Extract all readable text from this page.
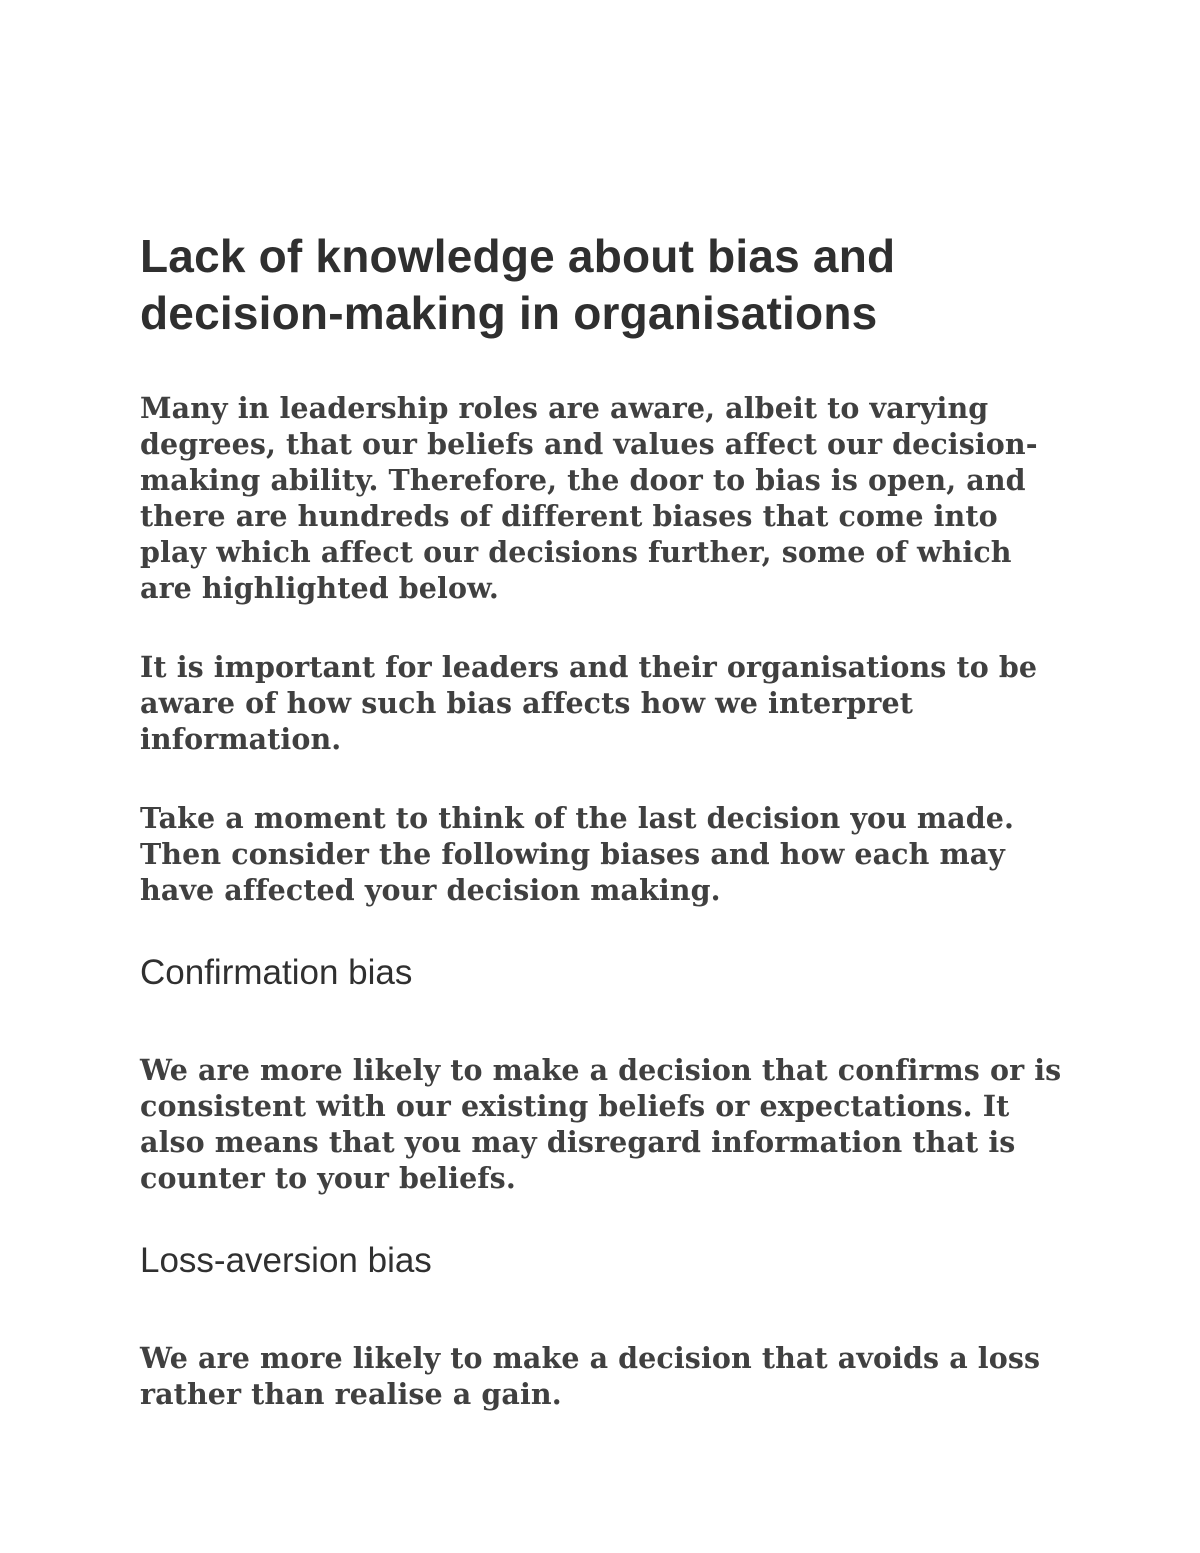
Lack of knowledge about bias and decision-making in organisations

Many in leadership roles are aware, albeit to varying degrees, that our beliefs and values affect our decision-making ability. Therefore, the door to bias is open, and there are hundreds of different biases that come into play which affect our decisions further, some of which are highlighted below.

It is important for leaders and their organisations to be aware of how such bias affects how we interpret information.

Take a moment to think of the last decision you made. Then consider the following biases and how each may have affected your decision making.

Confirmation bias

We are more likely to make a decision that confirms or is consistent with our existing beliefs or expectations. It also means that you may disregard information that is counter to your beliefs.

Loss-aversion bias

We are more likely to make a decision that avoids a loss rather than realise a gain.
